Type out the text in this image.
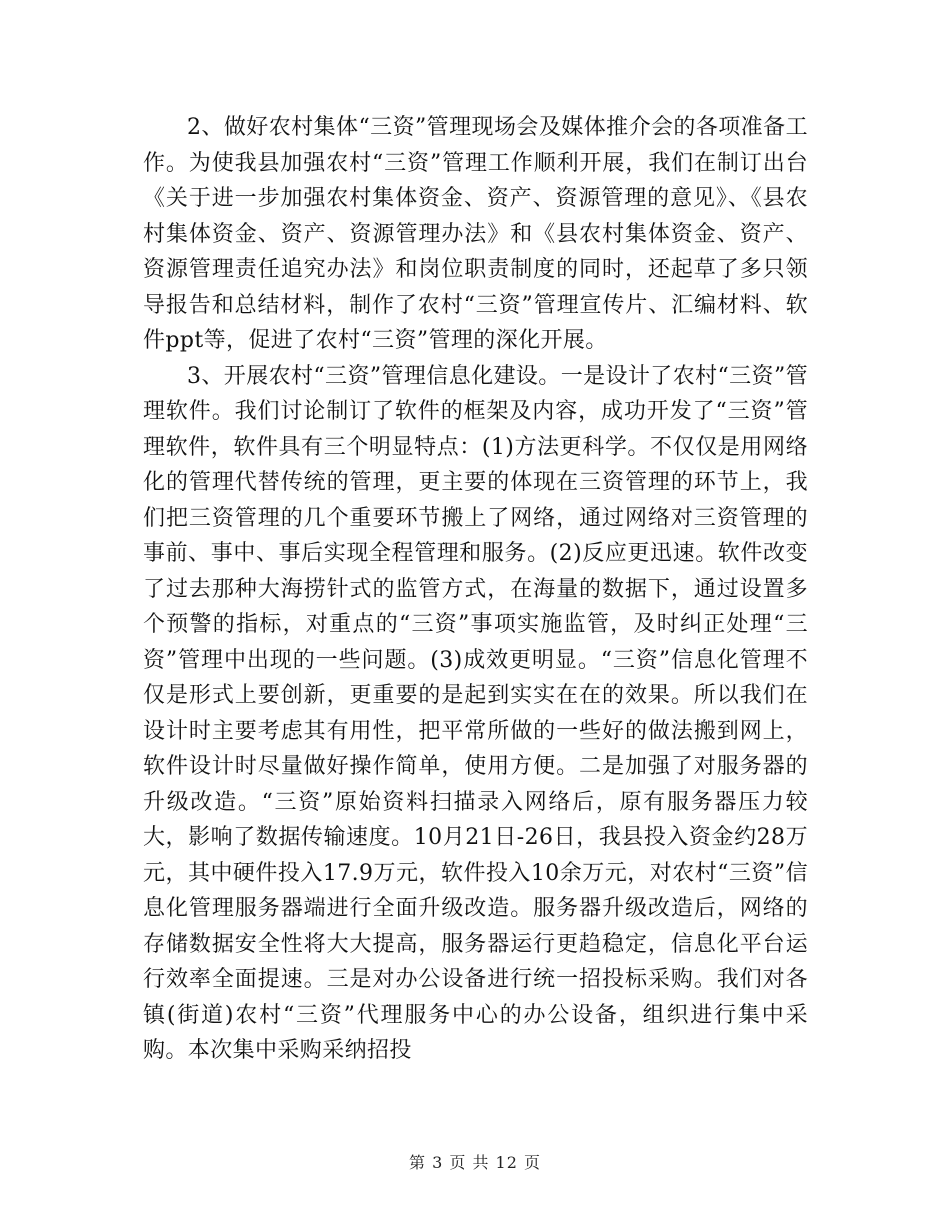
2、做好农村集体“三资”管理现场会及媒体推介会的各项准备工作。为使我县加强农村“三资”管理工作顺利开展，我们在制订出台《关于进一步加强农村集体资金、资产、资源管理的意见》、《县农村集体资金、资产、资源管理办法》和《县农村集体资金、资产、资源管理责任追究办法》和岗位职责制度的同时，还起草了多只领导报告和总结材料，制作了农村“三资”管理宣传片、汇编材料、软件ppt等，促进了农村“三资”管理的深化开展。

3、开展农村“三资”管理信息化建设。一是设计了农村“三资”管理软件。我们讨论制订了软件的框架及内容，成功开发了“三资”管理软件，软件具有三个明显特点：(1)方法更科学。不仅仅是用网络化的管理代替传统的管理，更主要的体现在三资管理的环节上，我们把三资管理的几个重要环节搬上了网络，通过网络对三资管理的事前、事中、事后实现全程管理和服务。(2)反应更迅速。软件改变了过去那种大海捞针式的监管方式，在海量的数据下，通过设置多个预警的指标，对重点的“三资”事项实施监管，及时纠正处理“三资”管理中出现的一些问题。(3)成效更明显。“三资”信息化管理不仅是形式上要创新，更重要的是起到实实在在的效果。所以我们在设计时主要考虑其有用性，把平常所做的一些好的做法搬到网上，软件设计时尽量做好操作简单，使用方便。二是加强了对服务器的升级改造。“三资”原始资料扫描录入网络后，原有服务器压力较大，影响了数据传输速度。10月21日-26日，我县投入资金约28万元，其中硬件投入17.9万元，软件投入10余万元，对农村“三资”信息化管理服务器端进行全面升级改造。服务器升级改造后，网络的存储数据安全性将大大提高，服务器运行更趋稳定，信息化平台运行效率全面提速。三是对办公设备进行统一招投标采购。我们对各镇(街道)农村“三资”代理服务中心的办公设备，组织进行集中采购。本次集中采购采纳招投

第 3 页 共 12 页
